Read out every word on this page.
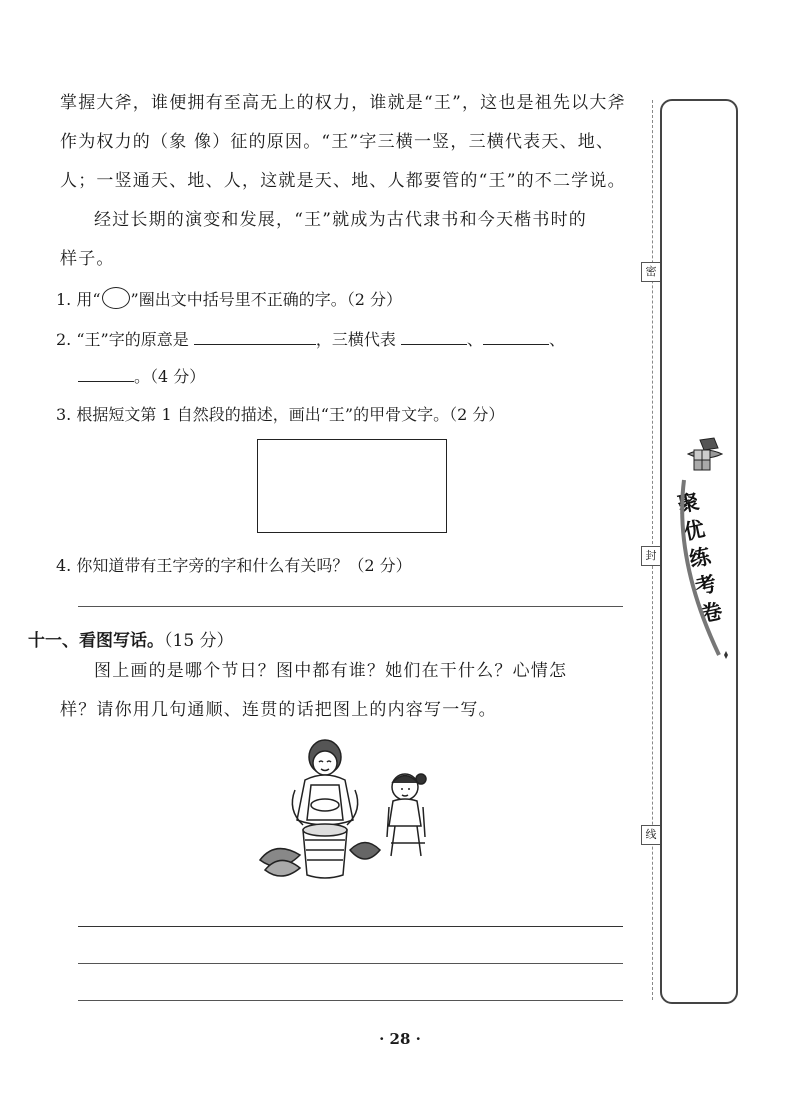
掌握大斧，谁便拥有至高无上的权力，谁就是“王”，这也是祖先以大斧
作为权力的（象 像）征的原因。“王”字三横一竖，三横代表天、地、
人；一竖通天、地、人，这就是天、地、人都要管的“王”的不二学说。
经过长期的演变和发展，“王”就成为古代隶书和今天楷书时的
样子。
1. 用“ ”圈出文中括号里不正确的字。（2 分）
2. “王”字的原意是	，三横代表	、	、
。（4 分）
3. 根据短文第 1 自然段的描述，画出“王”的甲骨文字。（2 分）
4. 你知道带有王字旁的字和什么有关吗？（2 分）
十一、看图写话。（15 分）
图上画的是哪个节日？图中都有谁？她们在干什么？心情怎
样？请你用几句通顺、连贯的话把图上的内容写一写。
· 28 ·
密
封
线
聚优练考卷
